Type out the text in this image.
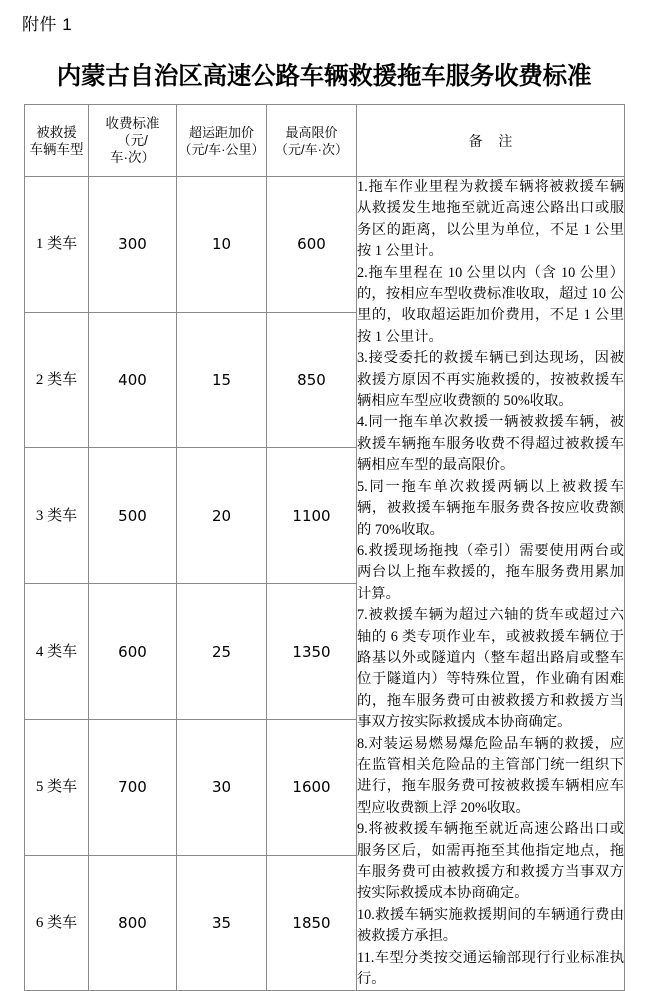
附件 1
内蒙古自治区高速公路车辆救援拖车服务收费标准
被救援
车辆车型	收费标准
（元/
车·次）	超运距加价
（元/车·公里）	最高限价
（元/车·次）	备 注
1 类车	300	10	600	

1.拖车作业里程为救援车辆将被救援车辆从救援发生地拖至就近高速公路出口或服务区的距离，以公里为单位，不足 1 公里按 1 公里计。

2.拖车里程在 10 公里以内（含 10 公里）的，按相应车型收费标准收取，超过 10 公里的，收取超运距加价费用，不足 1 公里按 1 公里计。

3.接受委托的救援车辆已到达现场，因被救援方原因不再实施救援的，按被救援车辆相应车型应收费额的 50%收取。

4.同一拖车单次救援一辆被救援车辆，被救援车辆拖车服务收费不得超过被救援车辆相应车型的最高限价。

5.同一拖车单次救援两辆以上被救援车辆，被救援车辆拖车服务费各按应收费额的 70%收取。

6.救援现场拖拽（牵引）需要使用两台或两台以上拖车救援的，拖车服务费用累加计算。

7.被救援车辆为超过六轴的货车或超过六轴的 6 类专项作业车，或被救援车辆位于路基以外或隧道内（整车超出路肩或整车位于隧道内）等特殊位置，作业确有困难的，拖车服务费可由被救援方和救援方当事双方按实际救援成本协商确定。

8.对装运易燃易爆危险品车辆的救援，应在监管相关危险品的主管部门统一组织下进行，拖车服务费可按被救援车辆相应车型应收费额上浮 20%收取。

9.将被救援车辆拖至就近高速公路出口或服务区后，如需再拖至其他指定地点，拖车服务费可由被救援方和救援方当事双方按实际救援成本协商确定。

10.救援车辆实施救援期间的车辆通行费由被救援方承担。

11.车型分类按交通运输部现行行业标准执行。

2 类车	400	15	850	
3 类车	500	20	1100	
4 类车	600	25	1350	
5 类车	700	30	1600	
6 类车	800	35	1850	
